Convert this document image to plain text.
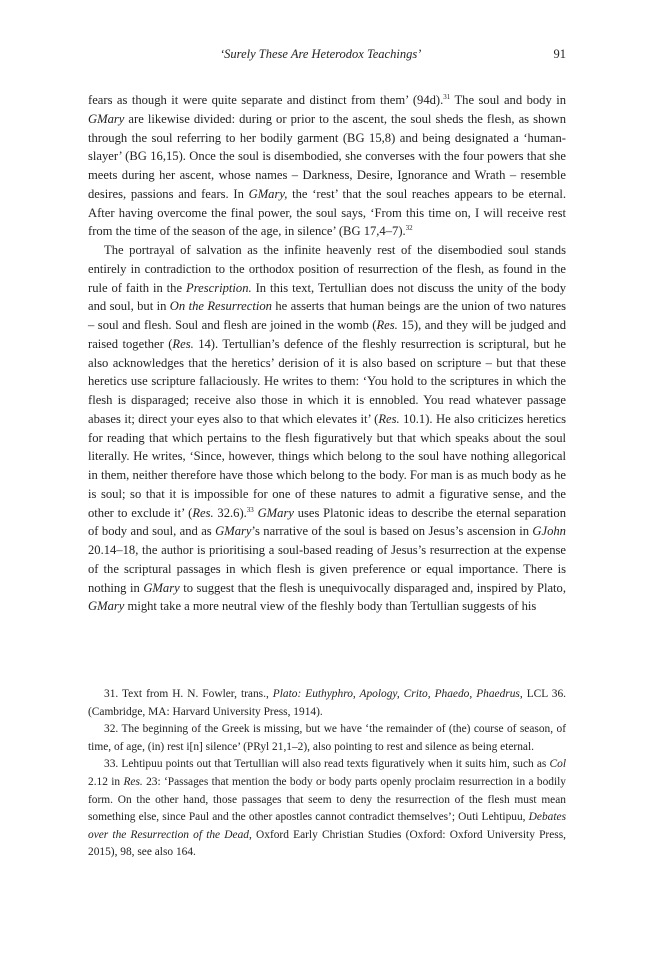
‘Surely These Are Heterodox Teachings’	91

fears as though it were quite separate and distinct from them’ (94d).$^{31}$ The soul and body in GMary are likewise divided: during or prior to the ascent, the soul sheds the flesh, as shown through the soul referring to her bodily garment (BG 15,8) and being designated a ‘human-slayer’ (BG 16,15). Once the soul is disembodied, she converses with the four powers that she meets during her ascent, whose names – Darkness, Desire, Ignorance and Wrath – resemble desires, passions and fears. In GMary, the ‘rest’ that the soul reaches appears to be eternal. After having overcome the final power, the soul says, ‘From this time on, I will receive rest from the time of the season of the age, in silence’ (BG 17,4–7).$^{32}$

The portrayal of salvation as the infinite heavenly rest of the disembodied soul stands entirely in contradiction to the orthodox position of resurrection of the flesh, as found in the rule of faith in the Prescription. In this text, Tertullian does not discuss the unity of the body and soul, but in On the Resurrection he asserts that human beings are the union of two natures – soul and flesh. Soul and flesh are joined in the womb (Res. 15), and they will be judged and raised together (Res. 14). Tertullian’s defence of the fleshly resurrection is scriptural, but he also acknowledges that the heretics’ derision of it is also based on scripture – but that these heretics use scripture fallaciously. He writes to them: ‘You hold to the scriptures in which the flesh is disparaged; receive also those in which it is ennobled. You read whatever passage abases it; direct your eyes also to that which elevates it’ (Res. 10.1). He also criticizes heretics for reading that which pertains to the flesh figuratively but that which speaks about the soul literally. He writes, ‘Since, however, things which belong to the soul have nothing allegorical in them, neither therefore have those which belong to the body. For man is as much body as he is soul; so that it is impossible for one of these natures to admit a figurative sense, and the other to exclude it’ (Res. 32.6).$^{33}$ GMary uses Platonic ideas to describe the eternal separation of body and soul, and as GMary’s narrative of the soul is based on Jesus’s ascension in GJohn 20.14–18, the author is prioritising a soul-based reading of Jesus’s resurrection at the expense of the scriptural passages in which flesh is given preference or equal importance. There is nothing in GMary to suggest that the flesh is unequivocally disparaged and, inspired by Plato, GMary might take a more neutral view of the fleshly body than Tertullian suggests of his

31. Text from H. N. Fowler, trans., Plato: Euthyphro, Apology, Crito, Phaedo, Phaedrus, LCL 36. (Cambridge, MA: Harvard University Press, 1914).

32. The beginning of the Greek is missing, but we have ‘the remainder of (the) course of season, of time, of age, (in) rest i[n] silence’ (PRyl 21,1–2), also pointing to rest and silence as being eternal.

33. Lehtipuu points out that Tertullian will also read texts figuratively when it suits him, such as Col 2.12 in Res. 23: ‘Passages that mention the body or body parts openly proclaim resurrection in a bodily form. On the other hand, those passages that seem to deny the resurrection of the flesh must mean something else, since Paul and the other apostles cannot contradict themselves’; Outi Lehtipuu, Debates over the Resurrection of the Dead, Oxford Early Christian Studies (Oxford: Oxford University Press, 2015), 98, see also 164.
